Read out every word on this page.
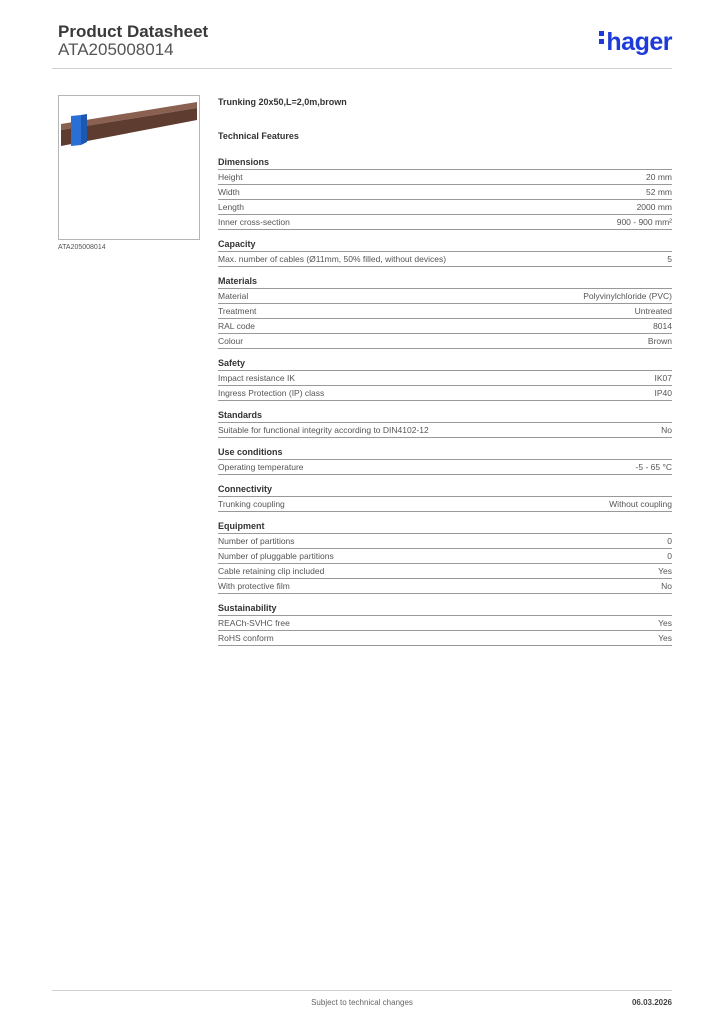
Product Datasheet
ATA205008014	hager
ATA205008014
Trunking 20x50,L=2,0m,brown
Technical Features
Dimensions
Height	20 mm
Width	52 mm
Length	2000 mm
Inner cross-section	900 - 900 mm²
Capacity
Max. number of cables (Ø11mm, 50% filled, without devices)	5
Materials
Material	Polyvinylchloride (PVC)
Treatment	Untreated
RAL code	8014
Colour	Brown
Safety
Impact resistance IK	IK07
Ingress Protection (IP) class	IP40
Standards
Suitable for functional integrity according to DIN4102-12	No
Use conditions
Operating temperature	-5 - 65 °C
Connectivity
Trunking coupling	Without coupling
Equipment
Number of partitions	0
Number of pluggable partitions	0
Cable retaining clip included	Yes
With protective film	No
Sustainability
REACh-SVHC free	Yes
RoHS conform	Yes
Subject to technical changes	06.03.2026
